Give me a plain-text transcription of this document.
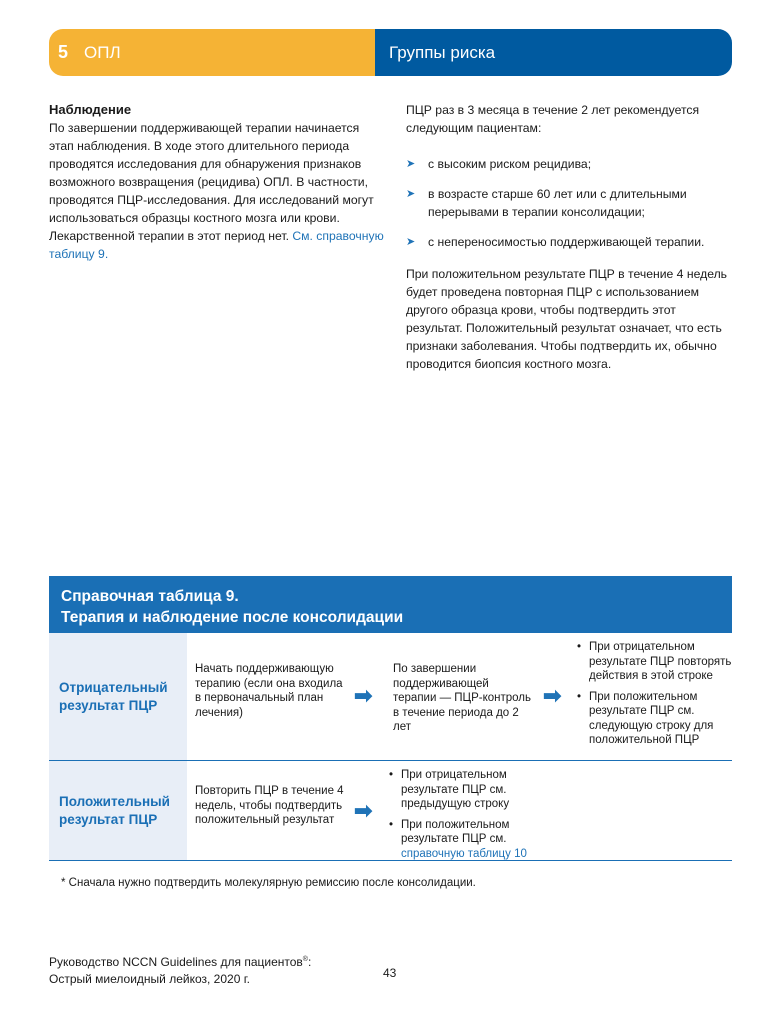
5 ОПЛ	Группы риска
Наблюдение

По завершении поддерживающей терапии начинается этап наблюдения. В ходе этого длительного периода проводятся исследования для обнаружения признаков возможного возвращения (рецидива) ОПЛ. В частности, проводятся ПЦР-исследования. Для исследований могут использоваться образцы костного мозга или крови. Лекарственной терапии в этот период нет. См. справочную таблицу 9.

ПЦР раз в 3 месяца в течение 2 лет рекомендуется следующим пациентам:

➤ с высоким риском рецидива;
➤ в возрасте старше 60 лет или с длительными перерывами в терапии консолидации;
➤ с непереносимостью поддерживающей терапии.

При положительном результате ПЦР в течение 4 недель будет проведена повторная ПЦР с использованием другого образца крови, чтобы подтвердить этот результат. Положительный результат означает, что есть признаки заболевания. Чтобы подтвердить их, обычно проводится биопсия костного мозга.

Справочная таблица 9.
Терапия и наблюдение после консолидации
Отрицательный результат ПЦР
Начать поддерживающую терапию (если она входила в первоначальный план лечения)
➡
По завершении поддерживающей терапии — ПЦР-контроль в течение периода до 2 лет
➡
• При отрицательном результате ПЦР повторять действия в этой строке
• При положительном результате ПЦР см. следующую строку для положительной ПЦР
Положительный результат ПЦР
Повторить ПЦР в течение 4 недель, чтобы подтвердить положительный результат ➡
• При отрицательном результате ПЦР см. предыдущую строку
• При положительном результате ПЦР см. справочную таблицу 10
* Сначала нужно подтвердить молекулярную ремиссию после консолидации.
Руководство NCCN Guidelines для пациентов®:
Острый миелоидный лейкоз, 2020 г.	43
